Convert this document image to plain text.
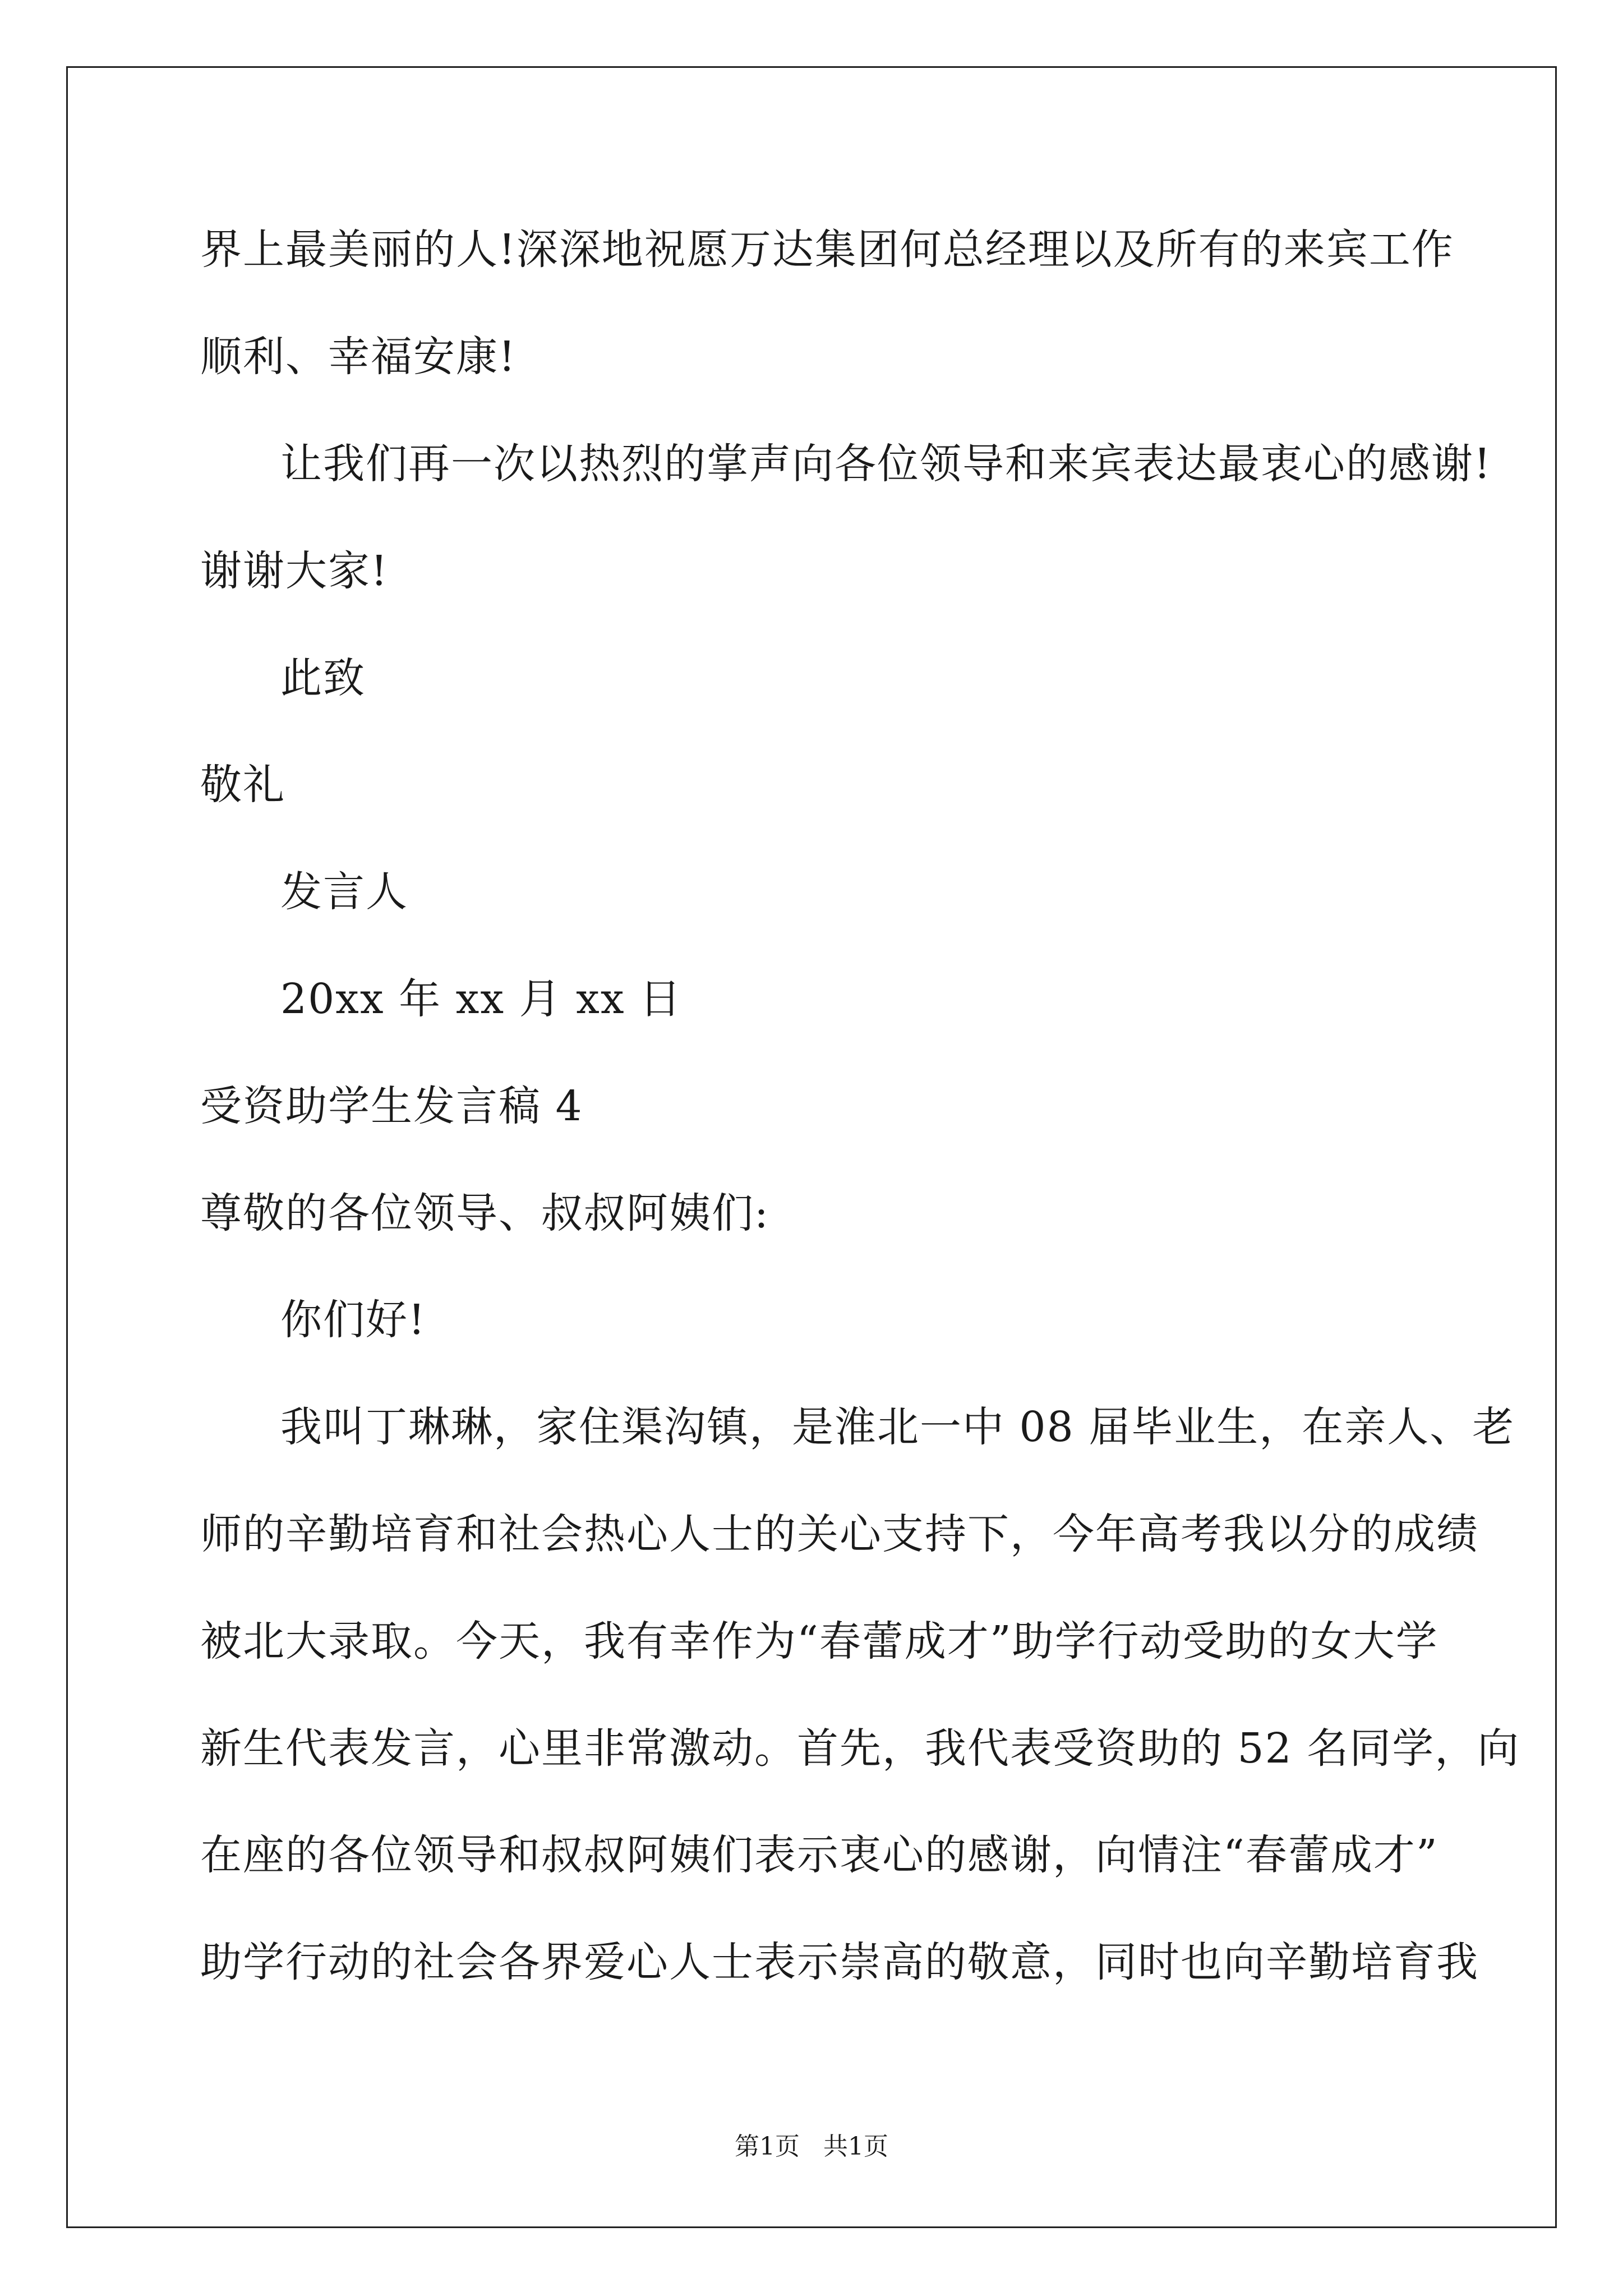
界上最美丽的人!深深地祝愿万达集团何总经理以及所有的来宾工作
顺利、幸福安康!
让我们再一次以热烈的掌声向各位领导和来宾表达最衷心的感谢!
谢谢大家!
此致
敬礼
发言人
20xx 年 xx 月 xx 日
受资助学生发言稿 4
尊敬的各位领导、叔叔阿姨们:
你们好!
我叫丁琳琳，家住渠沟镇，是淮北一中 08 届毕业生，在亲人、老
师的辛勤培育和社会热心人士的关心支持下，今年高考我以分的成绩
被北大录取。今天，我有幸作为“春蕾成才”助学行动受助的女大学
新生代表发言，心里非常激动。首先，我代表受资助的 52 名同学，向
在座的各位领导和叔叔阿姨们表示衷心的感谢，向情注“春蕾成才”
助学行动的社会各界爱心人士表示崇高的敬意，同时也向辛勤培育我
第1页   共1页
